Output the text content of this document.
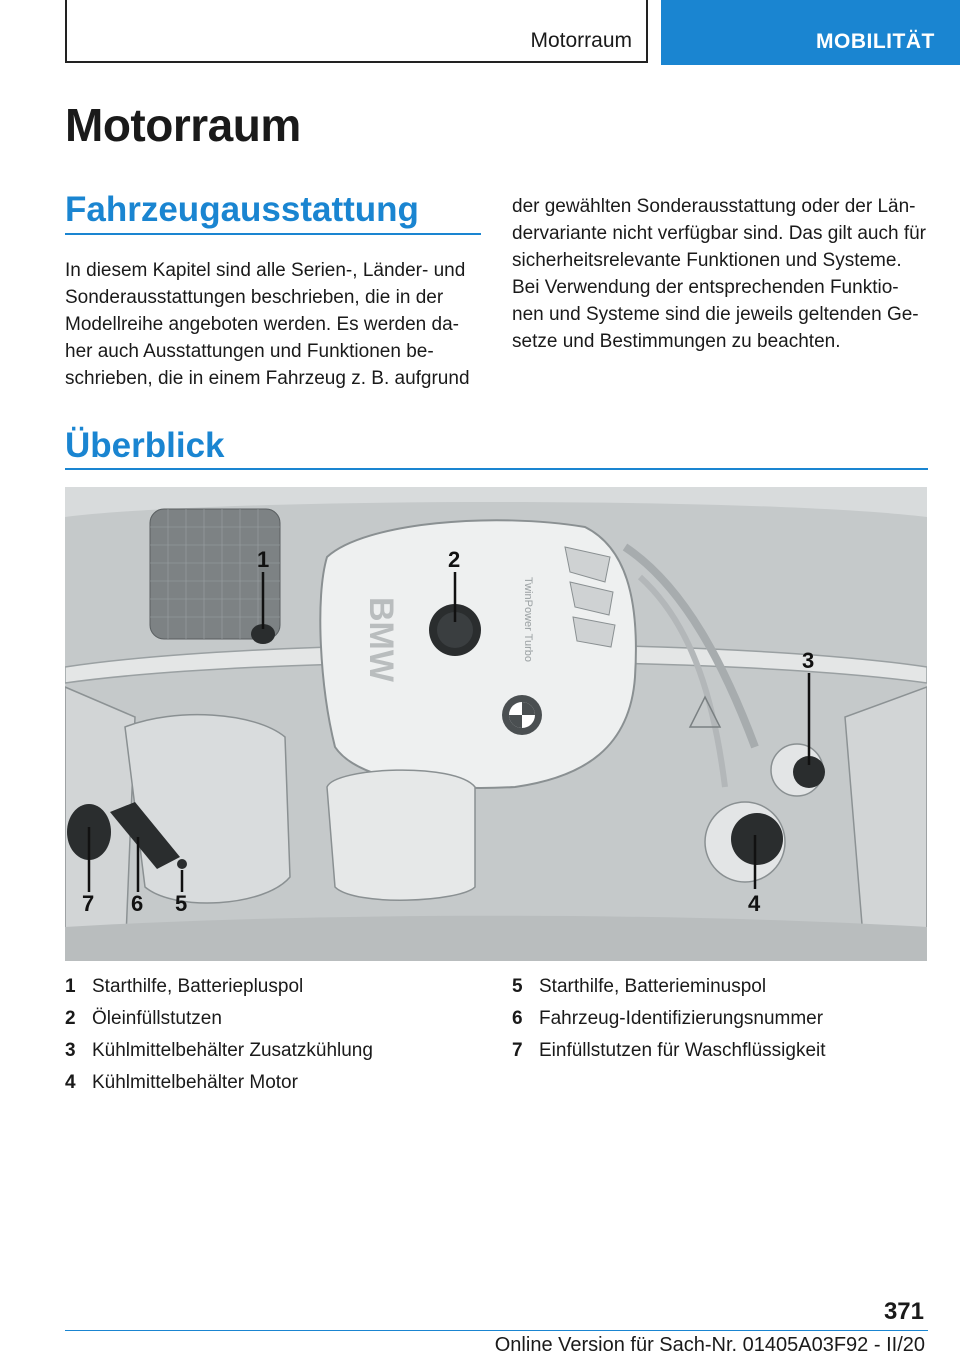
Motorraum	MOBILITÄT
Motorraum
Fahrzeugausstattung

In diesem Kapitel sind alle Serien-, Länder- und
Sonderausstattungen beschrieben, die in der
Modellreihe angeboten werden. Es werden da-
her auch Ausstattungen und Funktionen be-
schrieben, die in einem Fahrzeug z. B. aufgrund

der gewählten Sonderausstattung oder der Län-
dervariante nicht verfügbar sind. Das gilt auch für
sicherheitsrelevante Funktionen und Systeme.
Bei Verwendung der entsprechenden Funktio-
nen und Systeme sind die jeweils geltenden Ge-
setze und Bestimmungen zu beachten.

Überblick
BMW	TwinPower Turbo
1	2
3
4
5
6
7
1 Starthilfe, Batteriepluspol
2 Öleinfüllstutzen
3 Kühlmittelbehälter Zusatzkühlung
4 Kühlmittelbehälter Motor
5 Starthilfe, Batterieminuspol
6 Fahrzeug-Identifizierungsnummer
7 Einfüllstutzen für Waschflüssigkeit
371
Online Version für Sach-Nr. 01405A03F92 - II/20
